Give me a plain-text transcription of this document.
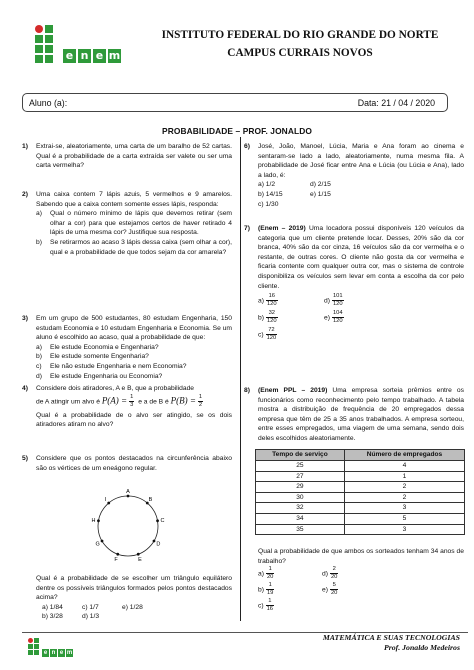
e n e m
INSTITUTO FEDERAL DO RIO GRANDE DO NORTE
CAMPUS CURRAIS NOVOS
Aluno (a):	Data: 21 / 04 / 2020
PROBABILIDADE – PROF. JONALDO
1) Extrai-se, aleatoriamente, uma carta de um baralho de 52 cartas. Qual é a probabilidade de a carta extraída ser valete ou ser uma carta vermelha?

2) Uma caixa contem 7 lápis azuis, 5 vermelhos e 9 amarelos. Sabendo que a caixa contem somente esses lápis, responda:

a) Qual o número mínimo de lápis que devemos retirar (sem olhar a cor) para que estejamos certos de haver retirado 4 lápis de uma mesma cor? Justifique sua resposta.

b) Se retirarmos ao acaso 3 lápis dessa caixa (sem olhar a cor), qual e a probabilidade de que todos sejam da cor amarela?

3) Em um grupo de 500 estudantes, 80 estudam Engenharia, 150 estudam Economia e 10 estudam Engenharia e Economia. Se um aluno é escolhido ao acaso, qual a probabilidade de que:

a) Ele estude Economia e Engenharia?
b) Ele estude somente Engenharia?
c) Ele não estude Engenharia e nem Economia?
d) Ele estude Engenharia ou Economia?
4) Considere dois atiradores, A e B, que a probabilidade

de A atingir um alvo é $P(A) = \frac{1}{3}$ e a de B é $P(B) = \frac{1}{2}$

Qual é a probabilidade de o alvo ser atingido, se os dois atiradores atiram no alvo?

5) Considere que os pontos destacados na circunferência abaixo são os vértices de um eneágono regular.

A
B
C
D
E
F
G
H
I

Qual é a probabilidade de se escolher um triângulo equilátero dentre os possíveis triângulos formados pelos pontos destacados acima?

a) 1/84	c) 1/7	e) 1/28
b) 3/28	d) 1/3
6) José, João, Manoel, Lúcia, Maria e Ana foram ao cinema e sentaram-se lado a lado, aleatoriamente, numa mesma fila. A probabilidade de José ficar entre Ana e Lúcia (ou Lúcia e Ana), lado a lado, é:

a) 1/2	d) 2/15
b) 14/15	e) 1/15
c) 1/30
7) (Enem – 2019) Uma locadora possui disponíveis 120 veículos da categoria que um cliente pretende locar. Desses, 20% são da cor branca, 40% são da cor cinza, 16 veículos são da cor vermelha e o restante, de outras cores. O cliente não gosta da cor vermelha e ficaria contente com qualquer outra cor, mas o sistema de controle disponibiliza os veículos sem levar em conta a escolha da cor pelo cliente.

$a) \frac{16}{120}$	$d) \frac{101}{120}$
$b) \frac{32}{120}$	$e) \frac{104}{120}$
$c) \frac{72}{120}$
8) (Enem PPL – 2019) Uma empresa sorteia prêmios entre os funcionários como reconhecimento pelo tempo trabalhado. A tabela mostra a distribuição de frequência de 20 empregados dessa empresa que têm de 25 a 35 anos trabalhados. A empresa sorteou, entre esses empregados, uma viagem de uma semana, sendo dois deles escolhidos aleatoriamente.

Tempo de serviço	Número de empregados
25	4
27	1
29	2
30	2
32	3
34	5
35	3

Qual a probabilidade de que ambos os sorteados tenham 34 anos de trabalho?

$a) \frac{1}{20}$	$d) \frac{2}{20}$
$b) \frac{1}{19}$	$e) \frac{5}{20}$
$c) \frac{1}{16}$
e n e m
MATEMÁTICA E SUAS TECNOLOGIAS
Prof. Jonaldo Medeiros
